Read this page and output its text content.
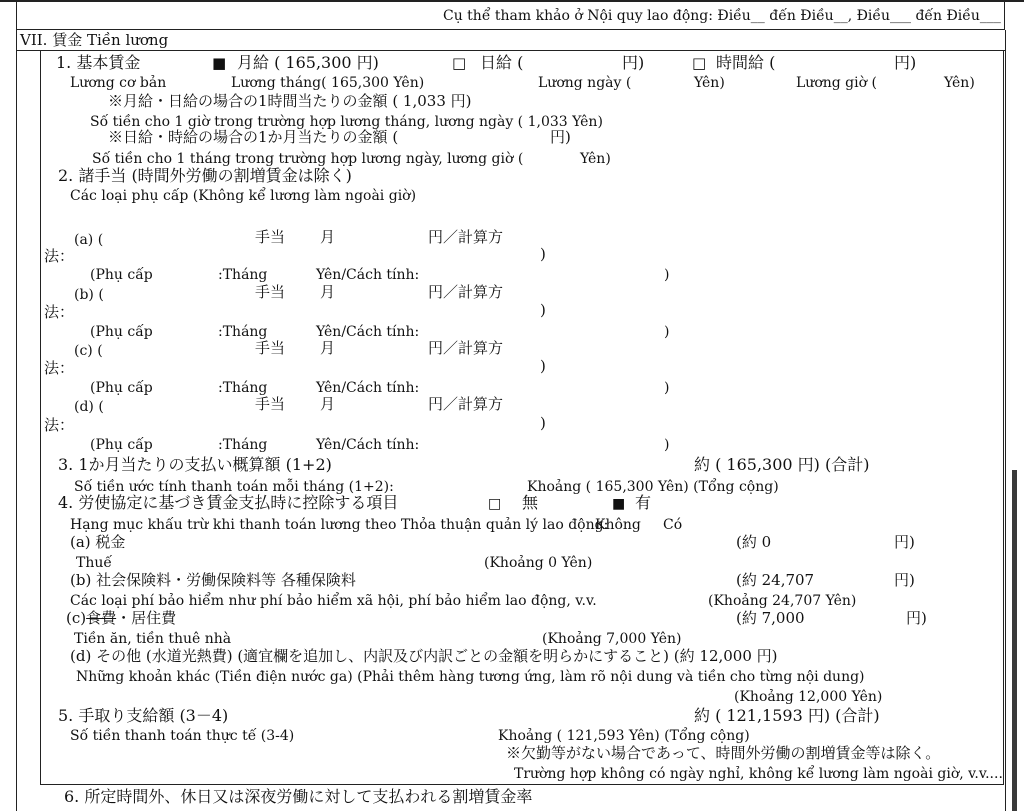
Cụ thể tham khảo ở Nội quy lao động: Điều__ đến Điều__, Điều___ đến Điều___
VII. 賃金 Tiền lương
1. 基本賃金	■ 月給 ( 165,300 円)	□ 日給 (	円)	□ 時間給 (	円)
Lương cơ bản	Lương tháng( 165,300 Yên)	Lương ngày (	Yên)	Lương giờ (	Yên)
※月給・日給の場合の1時間当たりの金額 ( 1,033 円)
Số tiền cho 1 giờ trong trường hợp lương tháng, lương ngày ( 1,033 Yên)
※日給・時給の場合の1か月当たりの金額 (	円)
Số tiền cho 1 tháng trong trường hợp lương ngày, lương giờ (	Yên)
2. 諸手当 (時間外労働の割増賃金は除く)
Các loại phụ cấp (Không kể lương làm ngoài giờ)
(a) (	手当 月	円／計算方
法：	)
(Phụ cấp	:Tháng	Yên/Cách tính:	)
(b) (	手当 月	円／計算方
法：	)
(Phụ cấp	:Tháng	Yên/Cách tính:	)
(c) (	手当 月	円／計算方
法：	)
(Phụ cấp	:Tháng	Yên/Cách tính:	)
(d) (	手当 月	円／計算方
法：	)
(Phụ cấp	:Tháng	Yên/Cách tính:	)
3. 1か月当たりの支払い概算額 (1+2)	約 ( 165,300 円) (合計)
Số tiền ước tính thanh toán mỗi tháng (1+2):	Khoảng ( 165,300 Yên) (Tổng cộng)
4. 労使協定に基づき賃金支払時に控除する項目	□ 無	■ 有
Hạng mục khấu trừ khi thanh toán lương theo Thỏa thuận quản lý lao động:
Không Có
(a) 税金	(約 0	円)
Thuế	(Khoảng 0 Yên)
(b) 社会保険料・労働保険料等 各種保険料	(約 24,707	円)
Các loại phí bảo hiểm như phí bảo hiểm xã hội, phí bảo hiểm lao động, v.v.	(Khoảng 24,707 Yên)
(c)食費・居住費	(約 7,000	円)
Tiền ăn, tiền thuê nhà	(Khoảng 7,000 Yên)
(d) その他 (水道光熱費) (適宜欄を追加し、内訳及び内訳ごとの金額を明らかにすること) (約 12,000 円)
Những khoản khác (Tiền điện nước ga) (Phải thêm hàng tương ứng, làm rõ nội dung và tiền cho từng nội dung)
(Khoảng 12,000 Yên)
5. 手取り支給額 (3－4)	約 ( 121,1593 円) (合計)
Số tiền thanh toán thực tế (3-4)	Khoảng ( 121,593 Yên) (Tổng cộng)
※欠勤等がない場合であって、時間外労働の割増賃金等は除く。
Trường hợp không có ngày nghỉ, không kể lương làm ngoài giờ, v.v....
6. 所定時間外、休日又は深夜労働に対して支払われる割増賃金率
